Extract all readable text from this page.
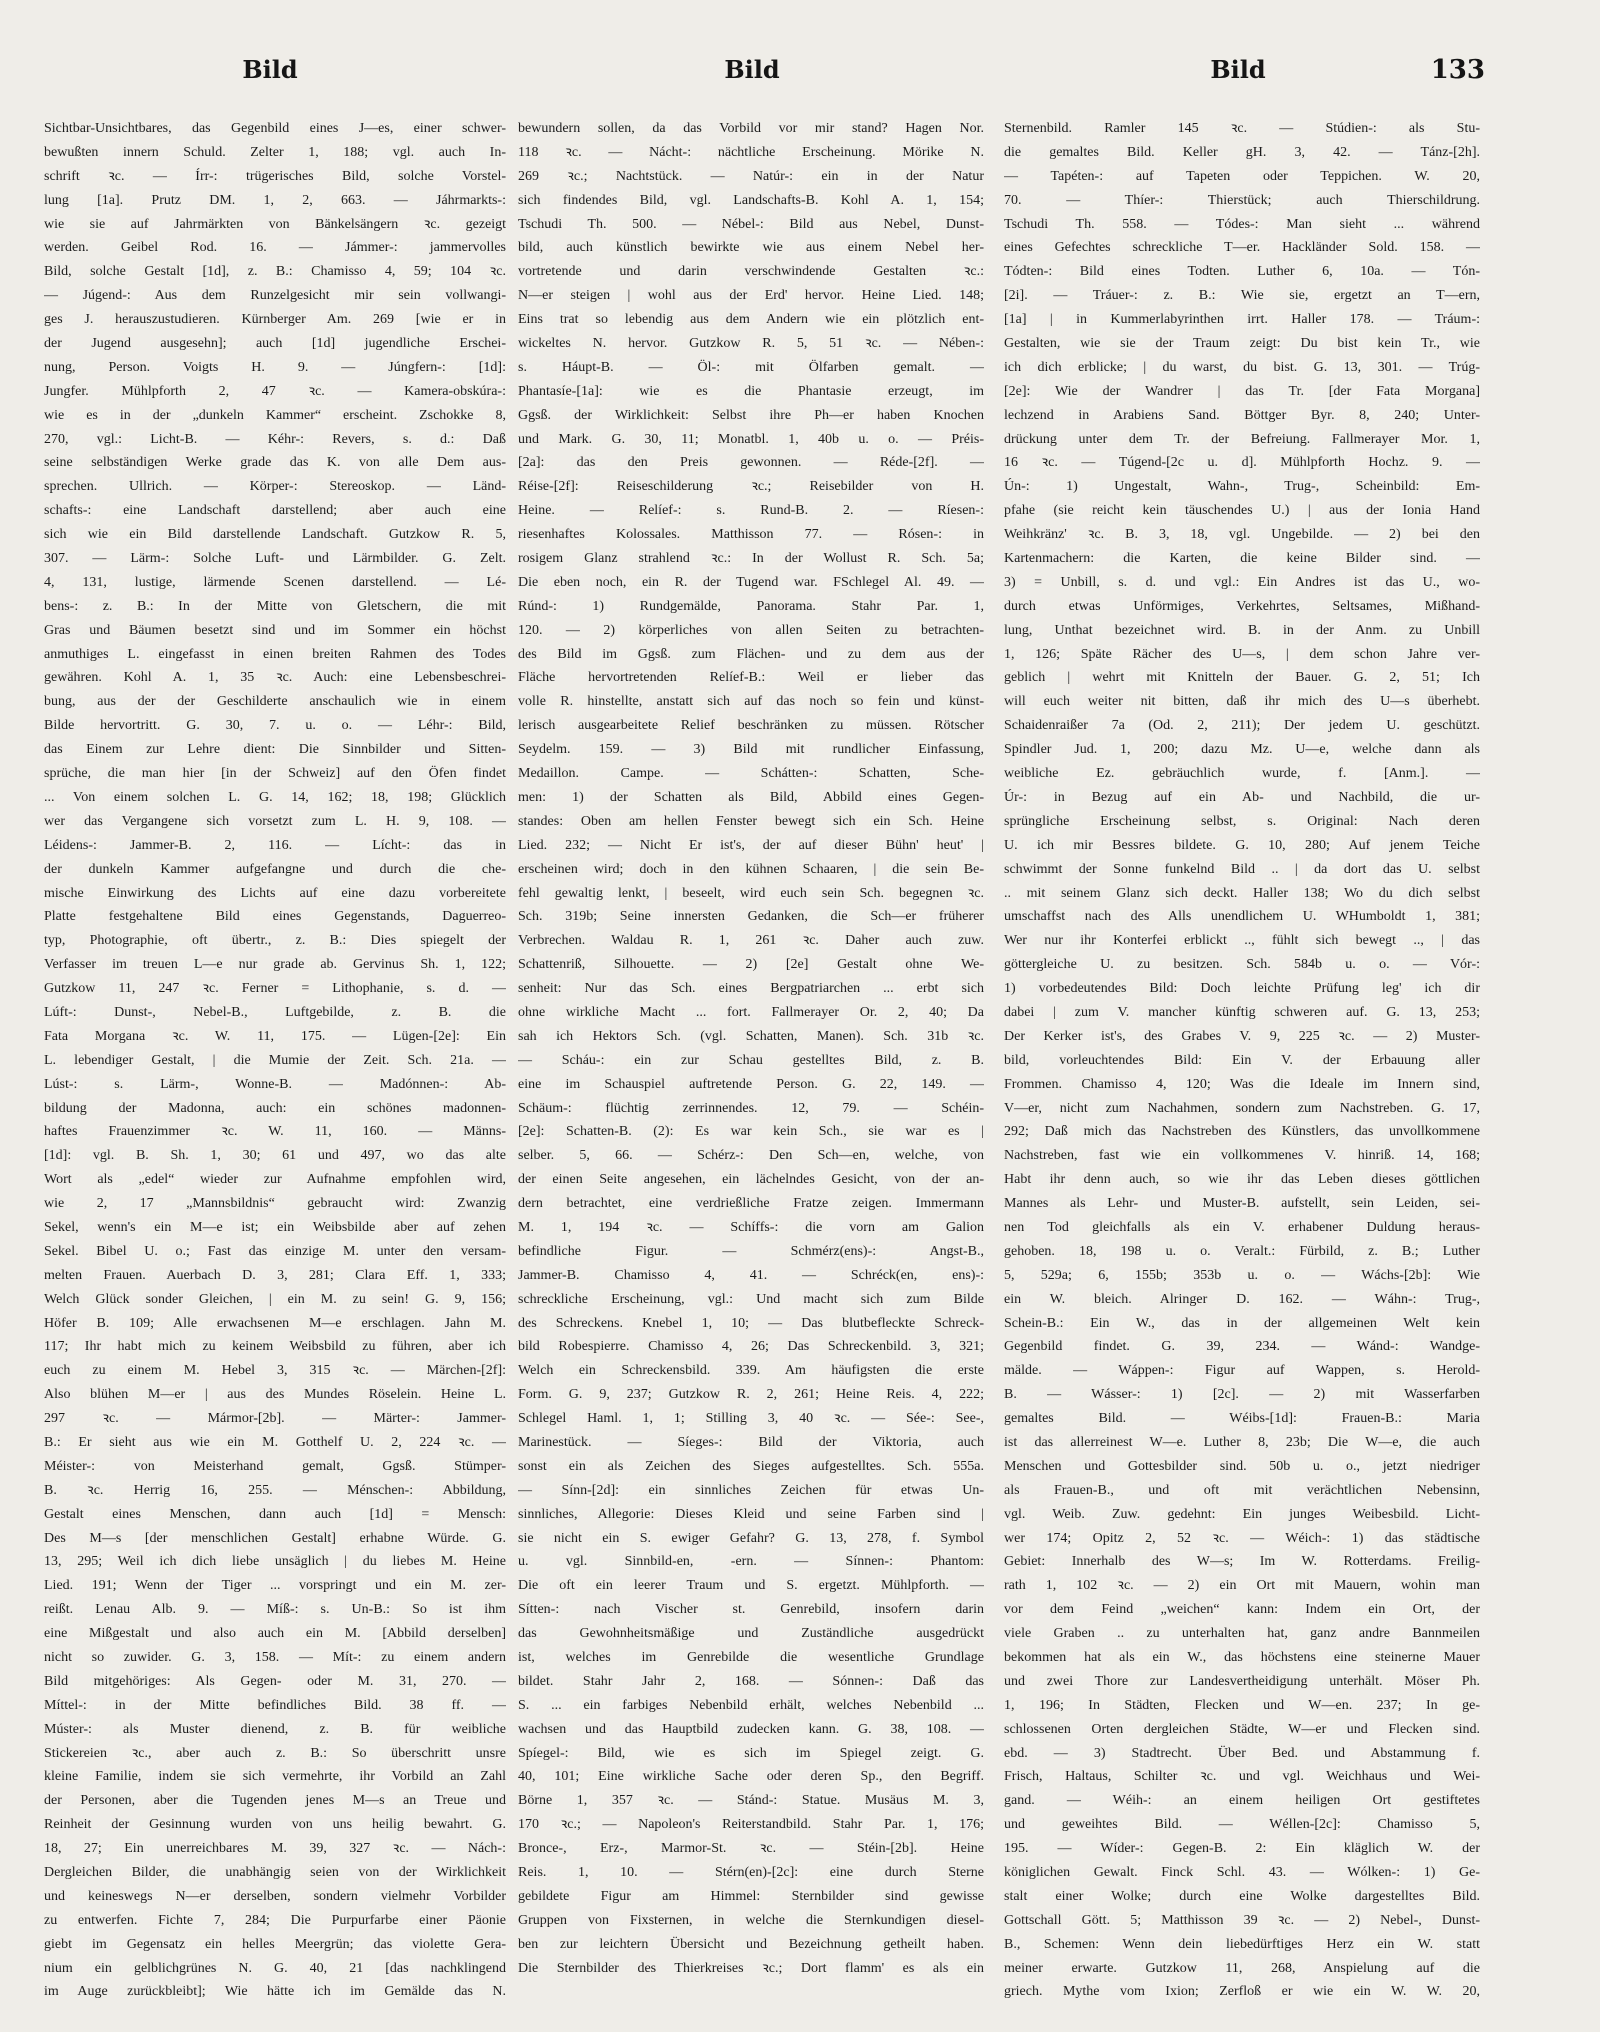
Bild	Bild	Bild	133
Sichtbar-Unsichtbares, das Gegenbild eines J—es, einer schwer-
bewußten innern Schuld. Zelter 1, 188; vgl. auch In-
schrift ꝛc. — Írr-: trügerisches Bild, solche Vorstel-
lung [1a]. Prutz DM. 1, 2, 663. — Jáhrmarkts-:
wie sie auf Jahrmärkten von Bänkelsängern ꝛc. gezeigt
werden. Geibel Rod. 16. — Jámmer-: jammervolles
Bild, solche Gestalt [1d], z. B.: Chamisso 4, 59; 104 ꝛc.
— Júgend-: Aus dem Runzelgesicht mir sein vollwangi-
ges J. herauszustudieren. Kürnberger Am. 269 [wie er in
der Jugend ausgesehn]; auch [1d] jugendliche Erschei-
nung, Person. Voigts H. 9. — Júngfern-: [1d]:
Jungfer. Mühlpforth 2, 47 ꝛc. — Kamera-obskúra-:
wie es in der „dunkeln Kammer“ erscheint. Zschokke 8,
270, vgl.: Licht-B. — Kéhr-: Revers, s. d.: Daß
seine selbständigen Werke grade das K. von alle Dem aus-
sprechen. Ullrich. — Körper-: Stereoskop. — Länd-
schafts-: eine Landschaft darstellend; aber auch eine
sich wie ein Bild darstellende Landschaft. Gutzkow R. 5,
307. — Lärm-: Solche Luft- und Lärmbilder. G. Zelt.
4, 131, lustige, lärmende Scenen darstellend. — Lé-
bens-: z. B.: In der Mitte von Gletschern, die mit
Gras und Bäumen besetzt sind und im Sommer ein höchst
anmuthiges L. eingefasst in einen breiten Rahmen des Todes
gewähren. Kohl A. 1, 35 ꝛc. Auch: eine Lebensbeschrei-
bung, aus der der Geschilderte anschaulich wie in einem
Bilde hervortritt. G. 30, 7. u. o. — Léhr-: Bild,
das Einem zur Lehre dient: Die Sinnbilder und Sitten-
sprüche, die man hier [in der Schweiz] auf den Öfen findet
... Von einem solchen L. G. 14, 162; 18, 198; Glücklich
wer das Vergangene sich vorsetzt zum L. H. 9, 108. —
Léidens-: Jammer-B. 2, 116. — Lícht-: das in
der dunkeln Kammer aufgefangne und durch die che-
mische Einwirkung des Lichts auf eine dazu vorbereitete
Platte festgehaltene Bild eines Gegenstands, Daguerreo-
typ, Photographie, oft übertr., z. B.: Dies spiegelt der
Verfasser im treuen L—e nur grade ab. Gervinus Sh. 1, 122;
Gutzkow 11, 247 ꝛc. Ferner = Lithophanie, s. d. —
Lúft-: Dunst-, Nebel-B., Luftgebilde, z. B. die
Fata Morgana ꝛc. W. 11, 175. — Lügen-[2e]: Ein
L. lebendiger Gestalt, | die Mumie der Zeit. Sch. 21a. —
Lúst-: s. Lärm-, Wonne-B. — Madónnen-: Ab-
bildung der Madonna, auch: ein schönes madonnen-
haftes Frauenzimmer ꝛc. W. 11, 160. — Männs-
[1d]: vgl. B. Sh. 1, 30; 61 und 497, wo das alte
Wort als „edel“ wieder zur Aufnahme empfohlen wird,
wie 2, 17 „Mannsbildnis“ gebraucht wird: Zwanzig
Sekel, wenn's ein M—e ist; ein Weibsbilde aber auf zehen
Sekel. Bibel U. o.; Fast das einzige M. unter den versam-
melten Frauen. Auerbach D. 3, 281; Clara Eff. 1, 333;
Welch Glück sonder Gleichen, | ein M. zu sein! G. 9, 156;
Höfer B. 109; Alle erwachsenen M—e erschlagen. Jahn M.
117; Ihr habt mich zu keinem Weibsbild zu führen, aber ich
euch zu einem M. Hebel 3, 315 ꝛc. — Märchen-[2f]:
Also blühen M—er | aus des Mundes Röselein. Heine L.
297 ꝛc. — Mármor-[2b]. — Märter-: Jammer-
B.: Er sieht aus wie ein M. Gotthelf U. 2, 224 ꝛc. —
Méister-: von Meisterhand gemalt, Ggsß. Stümper-
B. ꝛc. Herrig 16, 255. — Ménschen-: Abbildung,
Gestalt eines Menschen, dann auch [1d] = Mensch:
Des M—s [der menschlichen Gestalt] erhabne Würde. G.
13, 295; Weil ich dich liebe unsäglich | du liebes M. Heine
Lied. 191; Wenn der Tiger ... vorspringt und ein M. zer-
reißt. Lenau Alb. 9. — Míß-: s. Un-B.: So ist ihm
eine Mißgestalt und also auch ein M. [Abbild derselben]
nicht so zuwider. G. 3, 158. — Mít-: zu einem andern
Bild mitgehöriges: Als Gegen- oder M. 31, 270. —
Míttel-: in der Mitte befindliches Bild. 38 ff. —
Múster-: als Muster dienend, z. B. für weibliche
Stickereien ꝛc., aber auch z. B.: So überschritt unsre
kleine Familie, indem sie sich vermehrte, ihr Vorbild an Zahl
der Personen, aber die Tugenden jenes M—s an Treue und
Reinheit der Gesinnung wurden von uns heilig bewahrt. G.
18, 27; Ein unerreichbares M. 39, 327 ꝛc. — Nách-:
Dergleichen Bilder, die unabhängig seien von der Wirklichkeit
und keineswegs N—er derselben, sondern vielmehr Vorbilder
zu entwerfen. Fichte 7, 284; Die Purpurfarbe einer Päonie
giebt im Gegensatz ein helles Meergrün; das violette Gera-
nium ein gelblichgrünes N. G. 40, 21 [das nachklingend
im Auge zurückbleibt]; Wie hätte ich im Gemälde das N.
bewundern sollen, da das Vorbild vor mir stand? Hagen Nor.
118 ꝛc. — Nácht-: nächtliche Erscheinung. Mörike N.
269 ꝛc.; Nachtstück. — Natúr-: ein in der Natur
sich findendes Bild, vgl. Landschafts-B. Kohl A. 1, 154;
Tschudi Th. 500. — Nébel-: Bild aus Nebel, Dunst-
bild, auch künstlich bewirkte wie aus einem Nebel her-
vortretende und darin verschwindende Gestalten ꝛc.:
N—er steigen | wohl aus der Erd' hervor. Heine Lied. 148;
Eins trat so lebendig aus dem Andern wie ein plötzlich ent-
wickeltes N. hervor. Gutzkow R. 5, 51 ꝛc. — Nében-:
s. Háupt-B. — Öl-: mit Ölfarben gemalt. —
Phantasíe-[1a]: wie es die Phantasie erzeugt, im
Ggsß. der Wirklichkeit: Selbst ihre Ph—er haben Knochen
und Mark. G. 30, 11; Monatbl. 1, 40b u. o. — Préis-
[2a]: das den Preis gewonnen. — Réde-[2f]. —
Réise-[2f]: Reiseschilderung ꝛc.; Reisebilder von H.
Heine. — Relíef-: s. Rund-B. 2. — Ríesen-:
riesenhaftes Kolossales. Matthisson 77. — Rósen-: in
rosigem Glanz strahlend ꝛc.: In der Wollust R. Sch. 5a;
Die eben noch, ein R. der Tugend war. FSchlegel Al. 49. —
Rúnd-: 1) Rundgemälde, Panorama. Stahr Par. 1,
120. — 2) körperliches von allen Seiten zu betrachten-
des Bild im Ggsß. zum Flächen- und zu dem aus der
Fläche hervortretenden Relíef-B.: Weil er lieber das
volle R. hinstellte, anstatt sich auf das noch so fein und künst-
lerisch ausgearbeitete Relief beschränken zu müssen. Rötscher
Seydelm. 159. — 3) Bild mit rundlicher Einfassung,
Medaillon. Campe. — Schátten-: Schatten, Sche-
men: 1) der Schatten als Bild, Abbild eines Gegen-
standes: Oben am hellen Fenster bewegt sich ein Sch. Heine
Lied. 232; — Nicht Er ist's, der auf dieser Bühn' heut' |
erscheinen wird; doch in den kühnen Schaaren, | die sein Be-
fehl gewaltig lenkt, | beseelt, wird euch sein Sch. begegnen ꝛc.
Sch. 319b; Seine innersten Gedanken, die Sch—er früherer
Verbrechen. Waldau R. 1, 261 ꝛc. Daher auch zuw.
Schattenriß, Silhouette. — 2) [2e] Gestalt ohne We-
senheit: Nur das Sch. eines Bergpatriarchen ... erbt sich
ohne wirkliche Macht ... fort. Fallmerayer Or. 2, 40; Da
sah ich Hektors Sch. (vgl. Schatten, Manen). Sch. 31b ꝛc.
— Scháu-: ein zur Schau gestelltes Bild, z. B.
eine im Schauspiel auftretende Person. G. 22, 149. —
Schäum-: flüchtig zerrinnendes. 12, 79. — Schéin-
[2e]: Schatten-B. (2): Es war kein Sch., sie war es |
selber. 5, 66. — Schérz-: Den Sch—en, welche, von
der einen Seite angesehen, ein lächelndes Gesicht, von der an-
dern betrachtet, eine verdrießliche Fratze zeigen. Immermann
M. 1, 194 ꝛc. — Schíffs-: die vorn am Galion
befindliche Figur. — Schmérz(ens)-: Angst-B.,
Jammer-B. Chamisso 4, 41. — Schréck(en, ens)-:
schreckliche Erscheinung, vgl.: Und macht sich zum Bilde
des Schreckens. Knebel 1, 10; — Das blutbefleckte Schreck-
bild Robespierre. Chamisso 4, 26; Das Schreckenbild. 3, 321;
Welch ein Schreckensbild. 339. Am häufigsten die erste
Form. G. 9, 237; Gutzkow R. 2, 261; Heine Reis. 4, 222;
Schlegel Haml. 1, 1; Stilling 3, 40 ꝛc. — Sée-: See-,
Marinestück. — Síeges-: Bild der Viktoria, auch
sonst ein als Zeichen des Sieges aufgestelltes. Sch. 555a.
— Sínn-[2d]: ein sinnliches Zeichen für etwas Un-
sinnliches, Allegorie: Dieses Kleid und seine Farben sind |
sie nicht ein S. ewiger Gefahr? G. 13, 278, f. Symbol
u. vgl. Sinnbild-en, -ern. — Sínnen-: Phantom:
Die oft ein leerer Traum und S. ergetzt. Mühlpforth. —
Sítten-: nach Vischer st. Genrebild, insofern darin
das Gewohnheitsmäßige und Zuständliche ausgedrückt
ist, welches im Genrebilde die wesentliche Grundlage
bildet. Stahr Jahr 2, 168. — Sónnen-: Daß das
S. ... ein farbiges Nebenbild erhält, welches Nebenbild ...
wachsen und das Hauptbild zudecken kann. G. 38, 108. —
Spíegel-: Bild, wie es sich im Spiegel zeigt. G.
40, 101; Eine wirkliche Sache oder deren Sp., den Begriff.
Börne 1, 357 ꝛc. — Stánd-: Statue. Musäus M. 3,
170 ꝛc.; — Napoleon's Reiterstandbild. Stahr Par. 1, 176;
Bronce-, Erz-, Marmor-St. ꝛc. — Stéin-[2b]. Heine
Reis. 1, 10. — Stérn(en)-[2c]: eine durch Sterne
gebildete Figur am Himmel: Sternbilder sind gewisse
Gruppen von Fixsternen, in welche die Sternkundigen diesel-
ben zur leichtern Übersicht und Bezeichnung getheilt haben.
Die Sternbilder des Thierkreises ꝛc.; Dort flamm' es als ein
Sternenbild. Ramler 145 ꝛc. — Stúdien-: als Stu-
die gemaltes Bild. Keller gH. 3, 42. — Tánz-[2h].
— Tapéten-: auf Tapeten oder Teppichen. W. 20,
70. — Thíer-: Thierstück; auch Thierschildrung.
Tschudi Th. 558. — Tódes-: Man sieht ... während
eines Gefechtes schreckliche T—er. Hackländer Sold. 158. —
Tódten-: Bild eines Todten. Luther 6, 10a. — Tón-
[2i]. — Tráuer-: z. B.: Wie sie, ergetzt an T—ern,
[1a] | in Kummerlabyrinthen irrt. Haller 178. — Tráum-:
Gestalten, wie sie der Traum zeigt: Du bist kein Tr., wie
ich dich erblicke; | du warst, du bist. G. 13, 301. — Trúg-
[2e]: Wie der Wandrer | das Tr. [der Fata Morgana]
lechzend in Arabiens Sand. Böttger Byr. 8, 240; Unter-
drückung unter dem Tr. der Befreiung. Fallmerayer Mor. 1,
16 ꝛc. — Túgend-[2c u. d]. Mühlpforth Hochz. 9. —
Ún-: 1) Ungestalt, Wahn-, Trug-, Scheinbild: Em-
pfahe (sie reicht kein täuschendes U.) | aus der Ionia Hand
Weihkränz' ꝛc. B. 3, 18, vgl. Ungebilde. — 2) bei den
Kartenmachern: die Karten, die keine Bilder sind. —
3) = Unbill, s. d. und vgl.: Ein Andres ist das U., wo-
durch etwas Unförmiges, Verkehrtes, Seltsames, Mißhand-
lung, Unthat bezeichnet wird. B. in der Anm. zu Unbill
1, 126; Späte Rächer des U—s, | dem schon Jahre ver-
geblich | wehrt mit Knitteln der Bauer. G. 2, 51; Ich
will euch weiter nit bitten, daß ihr mich des U—s überhebt.
Schaidenraißer 7a (Od. 2, 211); Der jedem U. geschützt.
Spindler Jud. 1, 200; dazu Mz. U—e, welche dann als
weibliche Ez. gebräuchlich wurde, f. [Anm.]. —
Úr-: in Bezug auf ein Ab- und Nachbild, die ur-
sprüngliche Erscheinung selbst, s. Original: Nach deren
U. ich mir Bessres bildete. G. 10, 280; Auf jenem Teiche
schwimmt der Sonne funkelnd Bild .. | da dort das U. selbst
.. mit seinem Glanz sich deckt. Haller 138; Wo du dich selbst
umschaffst nach des Alls unendlichem U. WHumboldt 1, 381;
Wer nur ihr Konterfei erblickt .., fühlt sich bewegt .., | das
göttergleiche U. zu besitzen. Sch. 584b u. o. — Vór-:
1) vorbedeutendes Bild: Doch leichte Prüfung leg' ich dir
dabei | zum V. mancher künftig schweren auf. G. 13, 253;
Der Kerker ist's, des Grabes V. 9, 225 ꝛc. — 2) Muster-
bild, vorleuchtendes Bild: Ein V. der Erbauung aller
Frommen. Chamisso 4, 120; Was die Ideale im Innern sind,
V—er, nicht zum Nachahmen, sondern zum Nachstreben. G. 17,
292; Daß mich das Nachstreben des Künstlers, das unvollkommene
Nachstreben, fast wie ein vollkommenes V. hinriß. 14, 168;
Habt ihr denn auch, so wie ihr das Leben dieses göttlichen
Mannes als Lehr- und Muster-B. aufstellt, sein Leiden, sei-
nen Tod gleichfalls als ein V. erhabener Duldung heraus-
gehoben. 18, 198 u. o. Veralt.: Fürbild, z. B.; Luther
5, 529a; 6, 155b; 353b u. o. — Wáchs-[2b]: Wie
ein W. bleich. Alringer D. 162. — Wáhn-: Trug-,
Schein-B.: Ein W., das in der allgemeinen Welt kein
Gegenbild findet. G. 39, 234. — Wánd-: Wandge-
mälde. — Wáppen-: Figur auf Wappen, s. Herold-
B. — Wásser-: 1) [2c]. — 2) mit Wasserfarben
gemaltes Bild. — Wéibs-[1d]: Frauen-B.: Maria
ist das allerreinest W—e. Luther 8, 23b; Die W—e, die auch
Menschen und Gottesbilder sind. 50b u. o., jetzt niedriger
als Frauen-B., und oft mit verächtlichen Nebensinn,
vgl. Weib. Zuw. gedehnt: Ein junges Weibesbild. Licht-
wer 174; Opitz 2, 52 ꝛc. — Wéich-: 1) das städtische
Gebiet: Innerhalb des W—s; Im W. Rotterdams. Freilig-
rath 1, 102 ꝛc. — 2) ein Ort mit Mauern, wohin man
vor dem Feind „weichen“ kann: Indem ein Ort, der
viele Graben .. zu unterhalten hat, ganz andre Bannmeilen
bekommen hat als ein W., das höchstens eine steinerne Mauer
und zwei Thore zur Landesvertheidigung unterhält. Möser Ph.
1, 196; In Städten, Flecken und W—en. 237; In ge-
schlossenen Orten dergleichen Städte, W—er und Flecken sind.
ebd. — 3) Stadtrecht. Über Bed. und Abstammung f.
Frisch, Haltaus, Schilter ꝛc. und vgl. Weichhaus und Wei-
gand. — Wéih-: an einem heiligen Ort gestiftetes
und geweihtes Bild. — Wéllen-[2c]: Chamisso 5,
195. — Wíder-: Gegen-B. 2: Ein kläglich W. der
königlichen Gewalt. Finck Schl. 43. — Wólken-: 1) Ge-
stalt einer Wolke; durch eine Wolke dargestelltes Bild.
Gottschall Gött. 5; Matthisson 39 ꝛc. — 2) Nebel-, Dunst-
B., Schemen: Wenn dein liebedürftiges Herz ein W. statt
meiner erwarte. Gutzkow 11, 268, Anspielung auf die
griech. Mythe vom Ixion; Zerfloß er wie ein W. W. 20,
